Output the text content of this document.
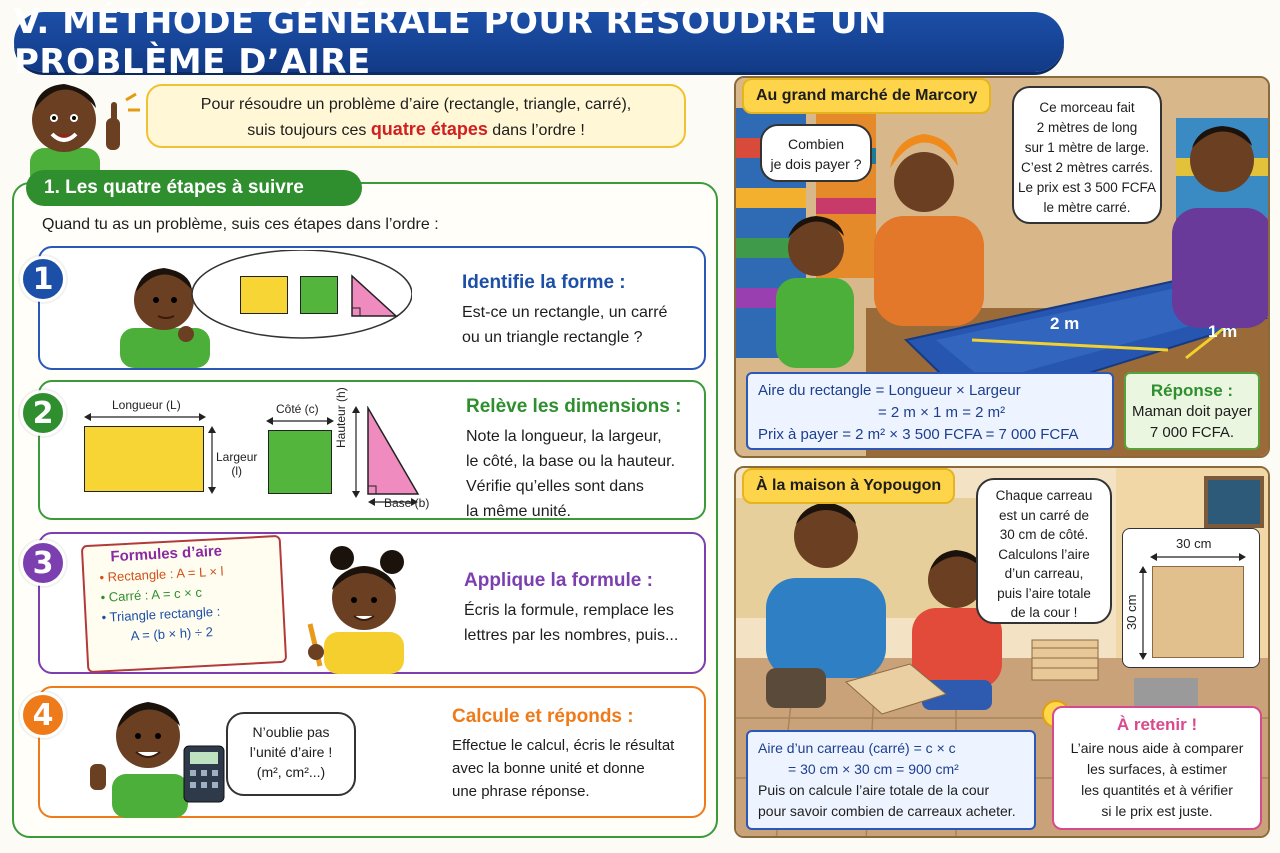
V. MÉTHODE GÉNÉRALE POUR RÉSOUDRE UN PROBLÈME D’AIRE
Pour résoudre un problème d’aire (rectangle, triangle, carré),
suis toujours ces quatre étapes dans l’ordre !
1. Les quatre étapes à suivre
Quand tu as un problème, suis ces étapes dans l’ordre :
1	Identifie la forme :
Est-ce un rectangle, un carré
ou un triangle rectangle ?
2	Longueur (L)
Largeur
(l)
Côté (c) Hauteur (h)
Base (b)
Relève les dimensions :
Note la longueur, la largeur,
le côté, la base ou la hauteur.
Vérifie qu’elles sont dans
la même unité.
3	Formules d’aire
• Rectangle : A = L × l
• Carré : A = c × c
• Triangle rectangle :
A = (b × h) ÷ 2
Applique la formule :
Écris la formule, remplace les
lettres par les nombres, puis...
4	N’oublie pas
l’unité d’aire !
(m², cm²...)
Calcule et réponds :
Effectue le calcul, écris le résultat
avec la bonne unité et donne
une phrase réponse.
Au grand marché de Marcory
Combien
je dois payer ?
Ce morceau fait
2 mètres de long
sur 1 mètre de large.
C’est 2 mètres carrés.
Le prix est 3 500 FCFA
le mètre carré.
2 m	1 m
Aire du rectangle = Longueur × Largeur
= 2 m × 1 m = 2 m²
Prix à payer = 2 m² × 3 500 FCFA = 7 000 FCFA
Réponse :
Maman doit payer
7 000 FCFA.
À la maison à Yopougon
Chaque carreau
est un carré de
30 cm de côté.
Calculons l’aire
d’un carreau,
puis l’aire totale
de la cour !
30 cm
30 cm
Aire d’un carreau (carré) = c × c
= 30 cm × 30 cm = 900 cm²
Puis on calcule l’aire totale de la cour
pour savoir combien de carreaux acheter.
À retenir !
L’aire nous aide à comparer
les surfaces, à estimer
les quantités et à vérifier
si le prix est juste.
